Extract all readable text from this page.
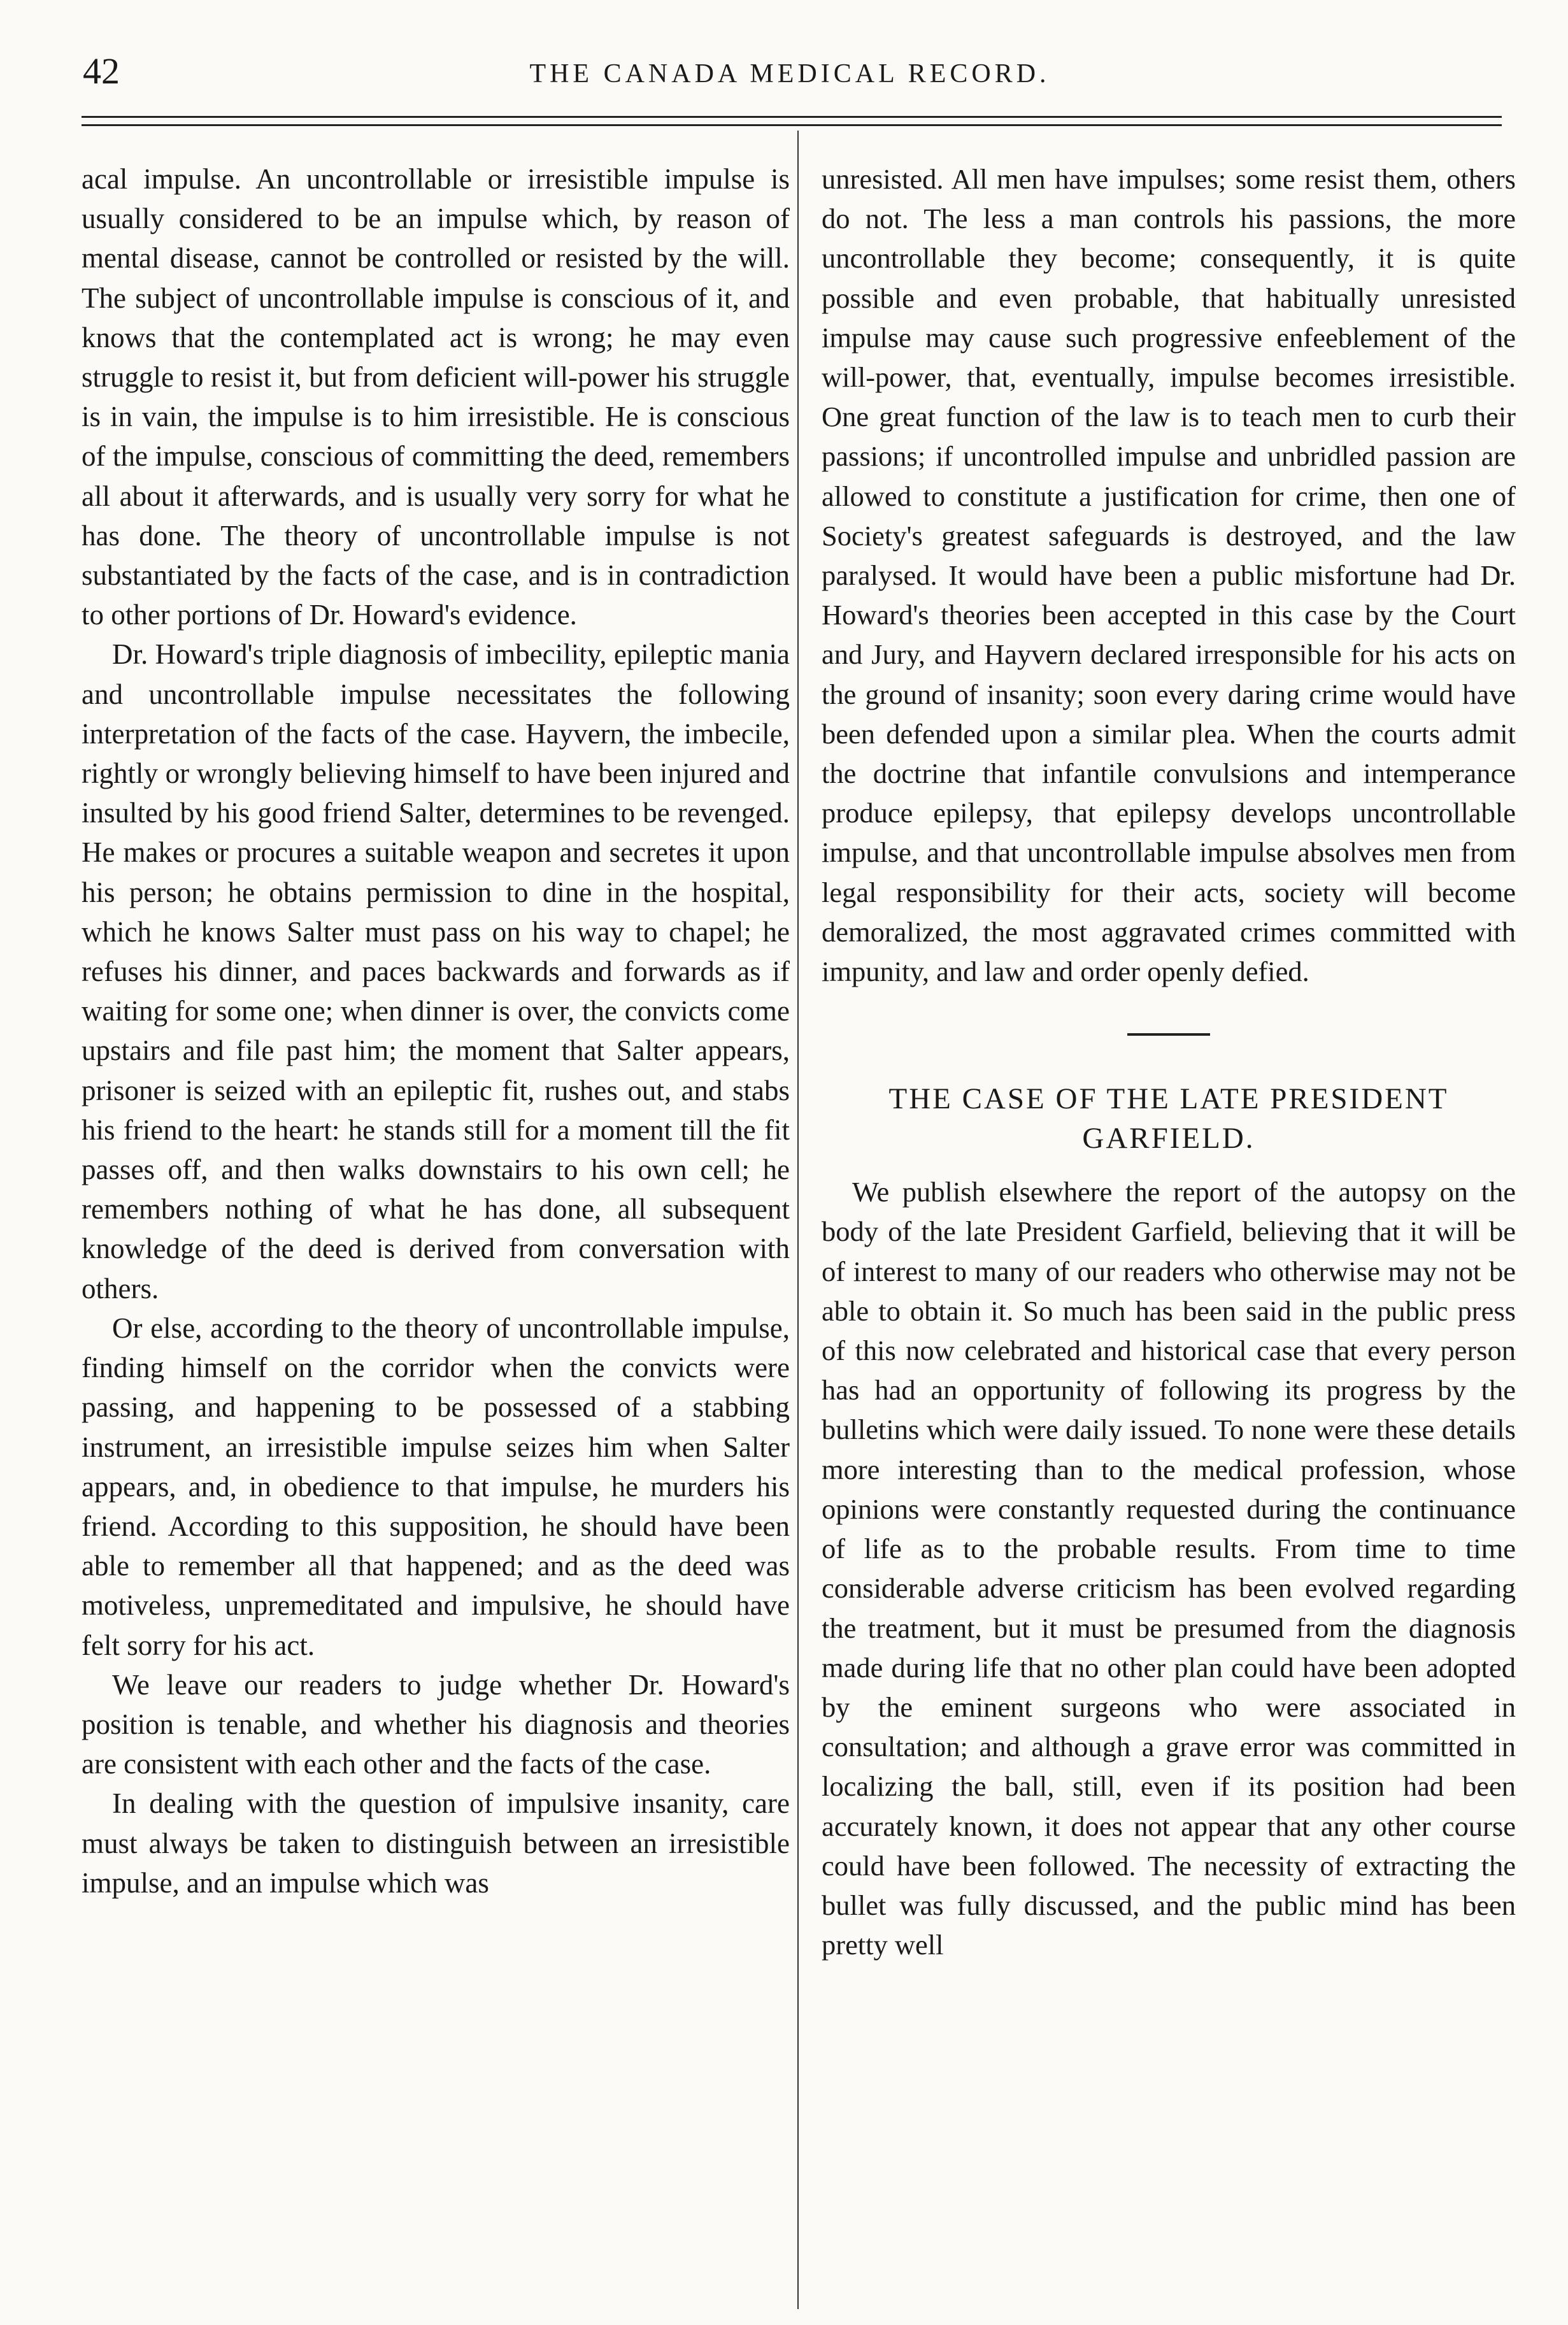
42	THE CANADA MEDICAL RECORD.

acal impulse. An uncontrollable or irresistible impulse is usually considered to be an impulse which, by reason of mental disease, cannot be controlled or resisted by the will. The subject of uncontrollable impulse is conscious of it, and knows that the contemplated act is wrong; he may even struggle to resist it, but from deficient will-power his struggle is in vain, the impulse is to him irresistible. He is conscious of the impulse, conscious of committing the deed, remembers all about it afterwards, and is usually very sorry for what he has done. The theory of uncontrollable impulse is not substantiated by the facts of the case, and is in contradiction to other portions of Dr. Howard's evidence.

Dr. Howard's triple diagnosis of imbecility, epileptic mania and uncontrollable impulse necessitates the following interpretation of the facts of the case. Hayvern, the imbecile, rightly or wrongly believing himself to have been injured and insulted by his good friend Salter, determines to be revenged. He makes or procures a suitable weapon and secretes it upon his person; he obtains permission to dine in the hospital, which he knows Salter must pass on his way to chapel; he refuses his dinner, and paces backwards and forwards as if waiting for some one; when dinner is over, the convicts come upstairs and file past him; the moment that Salter appears, prisoner is seized with an epileptic fit, rushes out, and stabs his friend to the heart: he stands still for a moment till the fit passes off, and then walks downstairs to his own cell; he remembers nothing of what he has done, all subsequent knowledge of the deed is derived from conversation with others.

Or else, according to the theory of uncontrollable impulse, finding himself on the corridor when the convicts were passing, and happening to be possessed of a stabbing instrument, an irresistible impulse seizes him when Salter appears, and, in obedience to that impulse, he murders his friend. According to this supposition, he should have been able to remember all that happened; and as the deed was motiveless, unpremeditated and impulsive, he should have felt sorry for his act.

We leave our readers to judge whether Dr. Howard's position is tenable, and whether his diagnosis and theories are consistent with each other and the facts of the case.

In dealing with the question of impulsive insanity, care must always be taken to distinguish between an irresistible impulse, and an impulse which was

unresisted. All men have impulses; some resist them, others do not. The less a man controls his passions, the more uncontrollable they become; consequently, it is quite possible and even probable, that habitually unresisted impulse may cause such progressive enfeeblement of the will-power, that, eventually, impulse becomes irresistible. One great function of the law is to teach men to curb their passions; if uncontrolled impulse and unbridled passion are allowed to constitute a justification for crime, then one of Society's greatest safeguards is destroyed, and the law paralysed. It would have been a public misfortune had Dr. Howard's theories been accepted in this case by the Court and Jury, and Hayvern declared irresponsible for his acts on the ground of insanity; soon every daring crime would have been defended upon a similar plea. When the courts admit the doctrine that infantile convulsions and intemperance produce epilepsy, that epilepsy develops uncontrollable impulse, and that uncontrollable impulse absolves men from legal responsibility for their acts, society will become demoralized, the most aggravated crimes committed with impunity, and law and order openly defied.

THE CASE OF THE LATE PRESIDENT GARFIELD.

We publish elsewhere the report of the autopsy on the body of the late President Garfield, believing that it will be of interest to many of our readers who otherwise may not be able to obtain it. So much has been said in the public press of this now celebrated and historical case that every person has had an opportunity of following its progress by the bulletins which were daily issued. To none were these details more interesting than to the medical profession, whose opinions were constantly requested during the continuance of life as to the probable results. From time to time considerable adverse criticism has been evolved regarding the treatment, but it must be presumed from the diagnosis made during life that no other plan could have been adopted by the eminent surgeons who were associated in consultation; and although a grave error was committed in localizing the ball, still, even if its position had been accurately known, it does not appear that any other course could have been followed. The necessity of extracting the bullet was fully discussed, and the public mind has been pretty well
